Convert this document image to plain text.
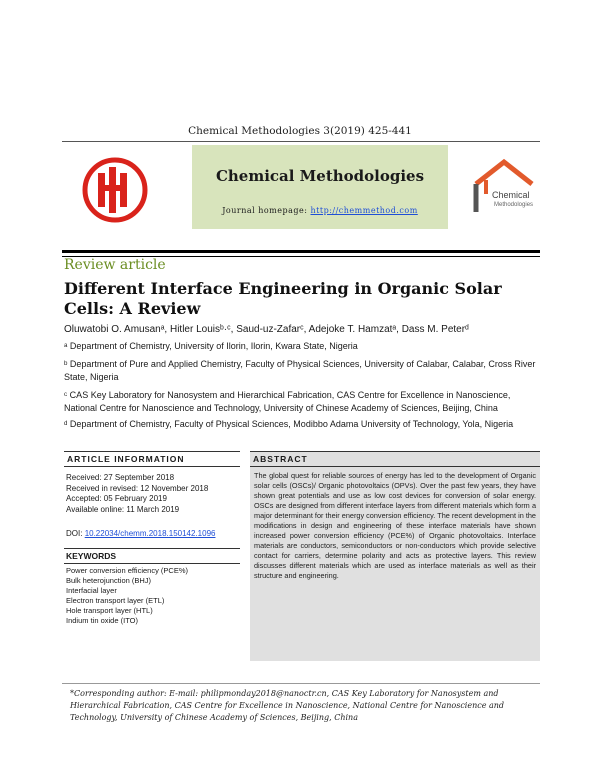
Chemical Methodologies 3(2019) 425-441
Chemical Methodologies
Journal homepage: http://chemmethod.com
Chemical
Methodologies
Review article
Different Interface Engineering in Organic Solar Cells: A Review
Oluwatobi O. Amusanᵃ, Hitler Louisᵇ·ᶜ, Saud-uz-Zafarᶜ, Adejoke T. Hamzatᵃ, Dass M. Peterᵈ
ᵃ Department of Chemistry, University of Ilorin, Ilorin, Kwara State, Nigeria
ᵇ Department of Pure and Applied Chemistry, Faculty of Physical Sciences, University of Calabar, Calabar, Cross River State, Nigeria
ᶜ CAS Key Laboratory for Nanosystem and Hierarchical Fabrication, CAS Centre for Excellence in Nanoscience, National Centre for Nanoscience and Technology, University of Chinese Academy of Sciences, Beijing, China
ᵈ Department of Chemistry, Faculty of Physical Sciences, Modibbo Adama University of Technology, Yola, Nigeria
ARTICLE INFORMATION
Received: 27 September 2018
Received in revised: 12 November 2018
Accepted: 05 February 2019
Available online: 11 March 2019
DOI: 10.22034/chemm.2018.150142.1096
KEYWORDS
Power conversion efficiency (PCE%)
Bulk heterojunction (BHJ)
Interfacial layer
Electron transport layer (ETL)
Hole transport layer (HTL)
Indium tin oxide (ITO)
ABSTRACT
The global quest for reliable sources of energy has led to the development of Organic solar cells (OSCs)/ Organic photovoltaics (OPVs). Over the past few years, they have shown great potentials and use as low cost devices for conversion of solar energy. OSCs are designed from different interface layers from different materials which form a major determinant for their energy conversion efficiency. The recent development in the modifications in design and engineering of these interface materials have shown increased power conversion efficiency (PCE%) of Organic photovoltaics. Interface materials are conductors, semiconductors or non-conductors which provide selective contact for carriers, determine polarity and acts as protective layers. This review discusses different materials which are used as interface materials as well as their structure and engineering.
*Corresponding author: E-mail: philipmonday2018@nanoctr.cn, CAS Key Laboratory for Nanosystem and Hierarchical Fabrication, CAS Centre for Excellence in Nanoscience, National Centre for Nanoscience and Technology, University of Chinese Academy of Sciences, Beijing, China
